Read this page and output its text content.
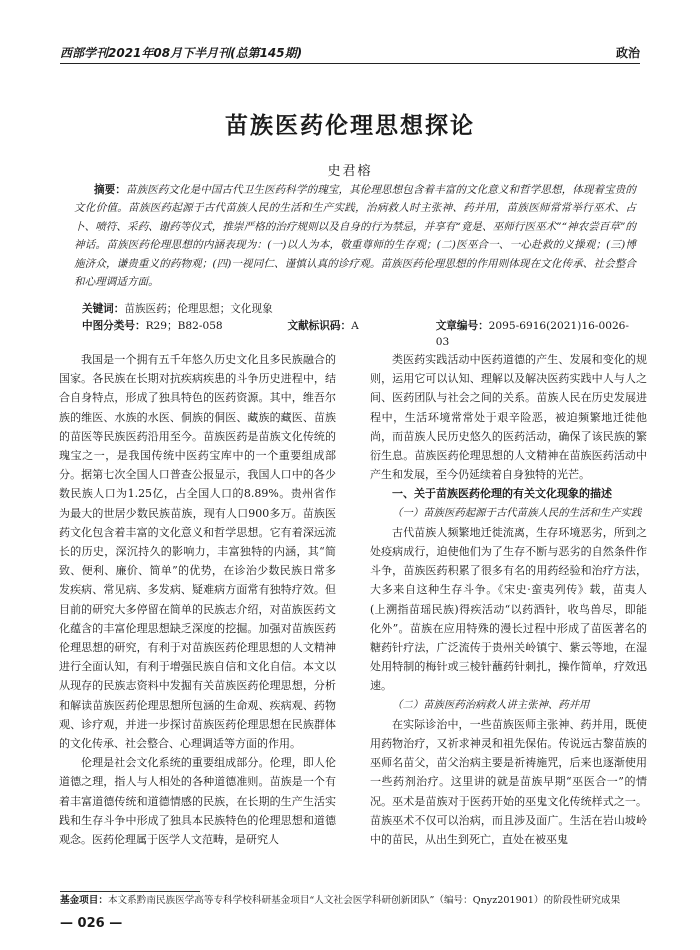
西部学刊2021年08月下半月刊(总第145期)	政治
苗族医药伦理思想探论
史君榕

摘要：苗族医药文化是中国古代卫生医药科学的瑰宝，其伦理思想包含着丰富的文化意义和哲学思想，体现着宝贵的文化价值。苗族医药起源于古代苗族人民的生活和生产实践，治病救人时主张神、药并用，苗族医师常常举行巫术、占卜、喷符、采药、谢药等仪式，推崇严格的治疗规则以及自身的行为禁忌，并享有“竟是、巫师行医巫术”“神农尝百草”的神话。苗族医药伦理思想的内涵表现为：(一)以人为本，敬重尊师的生存观；(二)医巫合一、一心赴救的义操观；(三)博施济众，谦贵重义的药物观；(四)一视同仁、谨慎认真的诊疗观。苗族医药伦理思想的作用则体现在文化传承、社会整合和心理调适方面。

关键词：苗族医药；伦理思想；文化现象
中图分类号：R29；B82-058	文献标识码：A	文章编号：2095-6916(2021)16-0026-03

我国是一个拥有五千年悠久历史文化且多民族融合的国家。各民族在长期对抗疾病疾患的斗争历史进程中，结合自身特点，形成了独具特色的医药资源。其中，维吾尔族的维医、水族的水医、侗族的侗医、藏族的藏医、苗族的苗医等民族医药沿用至今。苗族医药是苗族文化传统的瑰宝之一，是我国传统中医药宝库中的一个重要组成部分。据第七次全国人口普查公报显示，我国人口中的各少数民族人口为1.25亿，占全国人口的8.89%。贵州省作为最大的世居少数民族苗族，现有人口900多万。苗族医药文化包含着丰富的文化意义和哲学思想。它有着深远流长的历史，深沉持久的影响力，丰富独特的内涵，其“简致、便利、廉价、简单”的优势，在诊治少数民族日常多发疾病、常见病、多发病、疑难病方面常有独特疗效。但目前的研究大多停留在简单的民族志介绍，对苗族医药文化蕴含的丰富伦理思想缺乏深度的挖掘。加强对苗族医药伦理思想的研究，有利于对苗族医药伦理思想的人文精神进行全面认知，有利于增强民族自信和文化自信。本文以从现存的民族志资料中发掘有关苗族医药伦理思想，分析和解读苗族医药伦理思想所包涵的生命观、疾病观、药物观、诊疗观，并进一步探讨苗族医药伦理思想在民族群体的文化传承、社会整合、心理调适等方面的作用。

伦理是社会文化系统的重要组成部分。伦理，即人伦道德之理，指人与人相处的各种道德准则。苗族是一个有着丰富道德传统和道德情感的民族，在长期的生产生活实践和生存斗争中形成了独具本民族特色的伦理思想和道德观念。医药伦理属于医学人文范畴，是研究人

类医药实践活动中医药道德的产生、发展和变化的规则，运用它可以认知、理解以及解决医药实践中人与人之间、医药团队与社会之间的关系。苗族人民在历史发展进程中，生活环境常常处于艰辛险恶，被迫频繁地迁徙他尚，而苗族人民历史悠久的医药活动，确保了该民族的繁衍生息。苗族医药伦理思想的人文精神在苗族医药活动中产生和发展，至今仍延续着自身独特的光芒。

一、关于苗族医药伦理的有关文化现象的描述
（一）苗族医药起源于古代苗族人民的生活和生产实践

古代苗族人频繁地迁徙流离，生存环境恶劣，所到之处疫病成行，迫使他们为了生存不断与恶劣的自然条件作斗争，苗族医药积累了很多有名的用药经验和治疗方法，大多来自这种生存斗争。《宋史·蛮夷列传》载，苗夷人(上溯指苗瑶民族)得疾活动“以药酒针，收鸟兽尽，即能化外”。苗族在应用特殊的漫长过程中形成了苗医著名的糖药针疗法，广泛流传于贵州关岭镇宁、紫云等地，在湿处用特制的梅针或三棱针蘸药针刺扎，操作简单，疗效迅速。

（二）苗族医药治病救人讲主张神、药并用

在实际诊治中，一些苗族医师主张神、药并用，既使用药物治疗，又祈求神灵和祖先保佑。传说远古黎苗族的巫师名苗父，苗父治病主要是祈祷施咒，后来也逐渐使用一些药剂治疗。这里讲的就是苗族早期“巫医合一”的情况。巫术是苗族对于医药开始的巫鬼文化传统样式之一。苗族巫术不仅可以治病，而且涉及面广。生活在岩山坡岭中的苗民，从出生到死亡，直处在被巫鬼

基金项目：本文系黔南民族医学高等专科学校科研基金项目“人文社会医学科研创新团队”（编号：Qnyz201901）的阶段性研究成果
— 026 —
